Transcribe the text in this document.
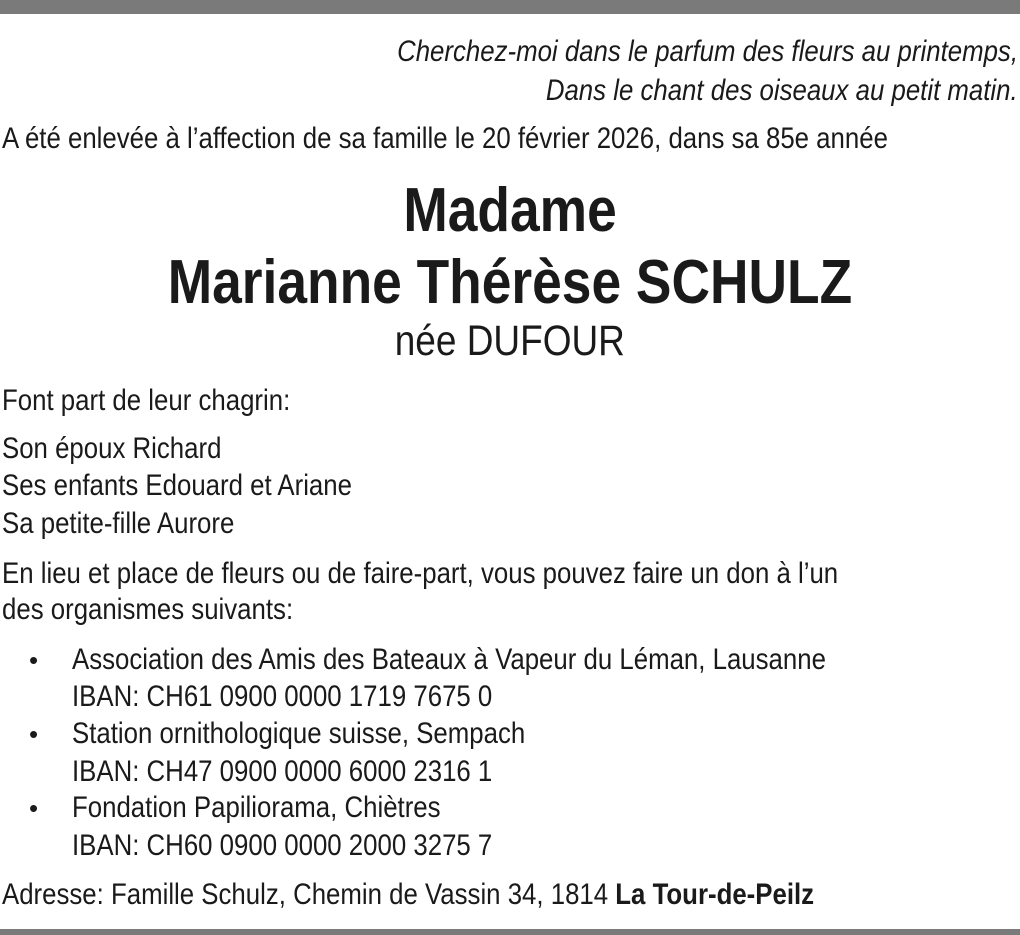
Cherchez-moi dans le parfum des fleurs au printemps,
Dans le chant des oiseaux au petit matin.
A été enlevée à l’affection de sa famille le 20 février 2026, dans sa 85e année
Madame
Marianne Thérèse SCHULZ
née DUFOUR
Font part de leur chagrin:
Son époux Richard
Ses enfants Edouard et Ariane
Sa petite-fille Aurore
En lieu et place de fleurs ou de faire-part, vous pouvez faire un don à l’un
des organismes suivants:
• Association des Amis des Bateaux à Vapeur du Léman, Lausanne
IBAN: CH61 0900 0000 1719 7675 0
• Station ornithologique suisse, Sempach
IBAN: CH47 0900 0000 6000 2316 1
• Fondation Papiliorama, Chiètres
IBAN: CH60 0900 0000 2000 3275 7
Adresse: Famille Schulz, Chemin de Vassin 34, 1814 La Tour-de-Peilz
